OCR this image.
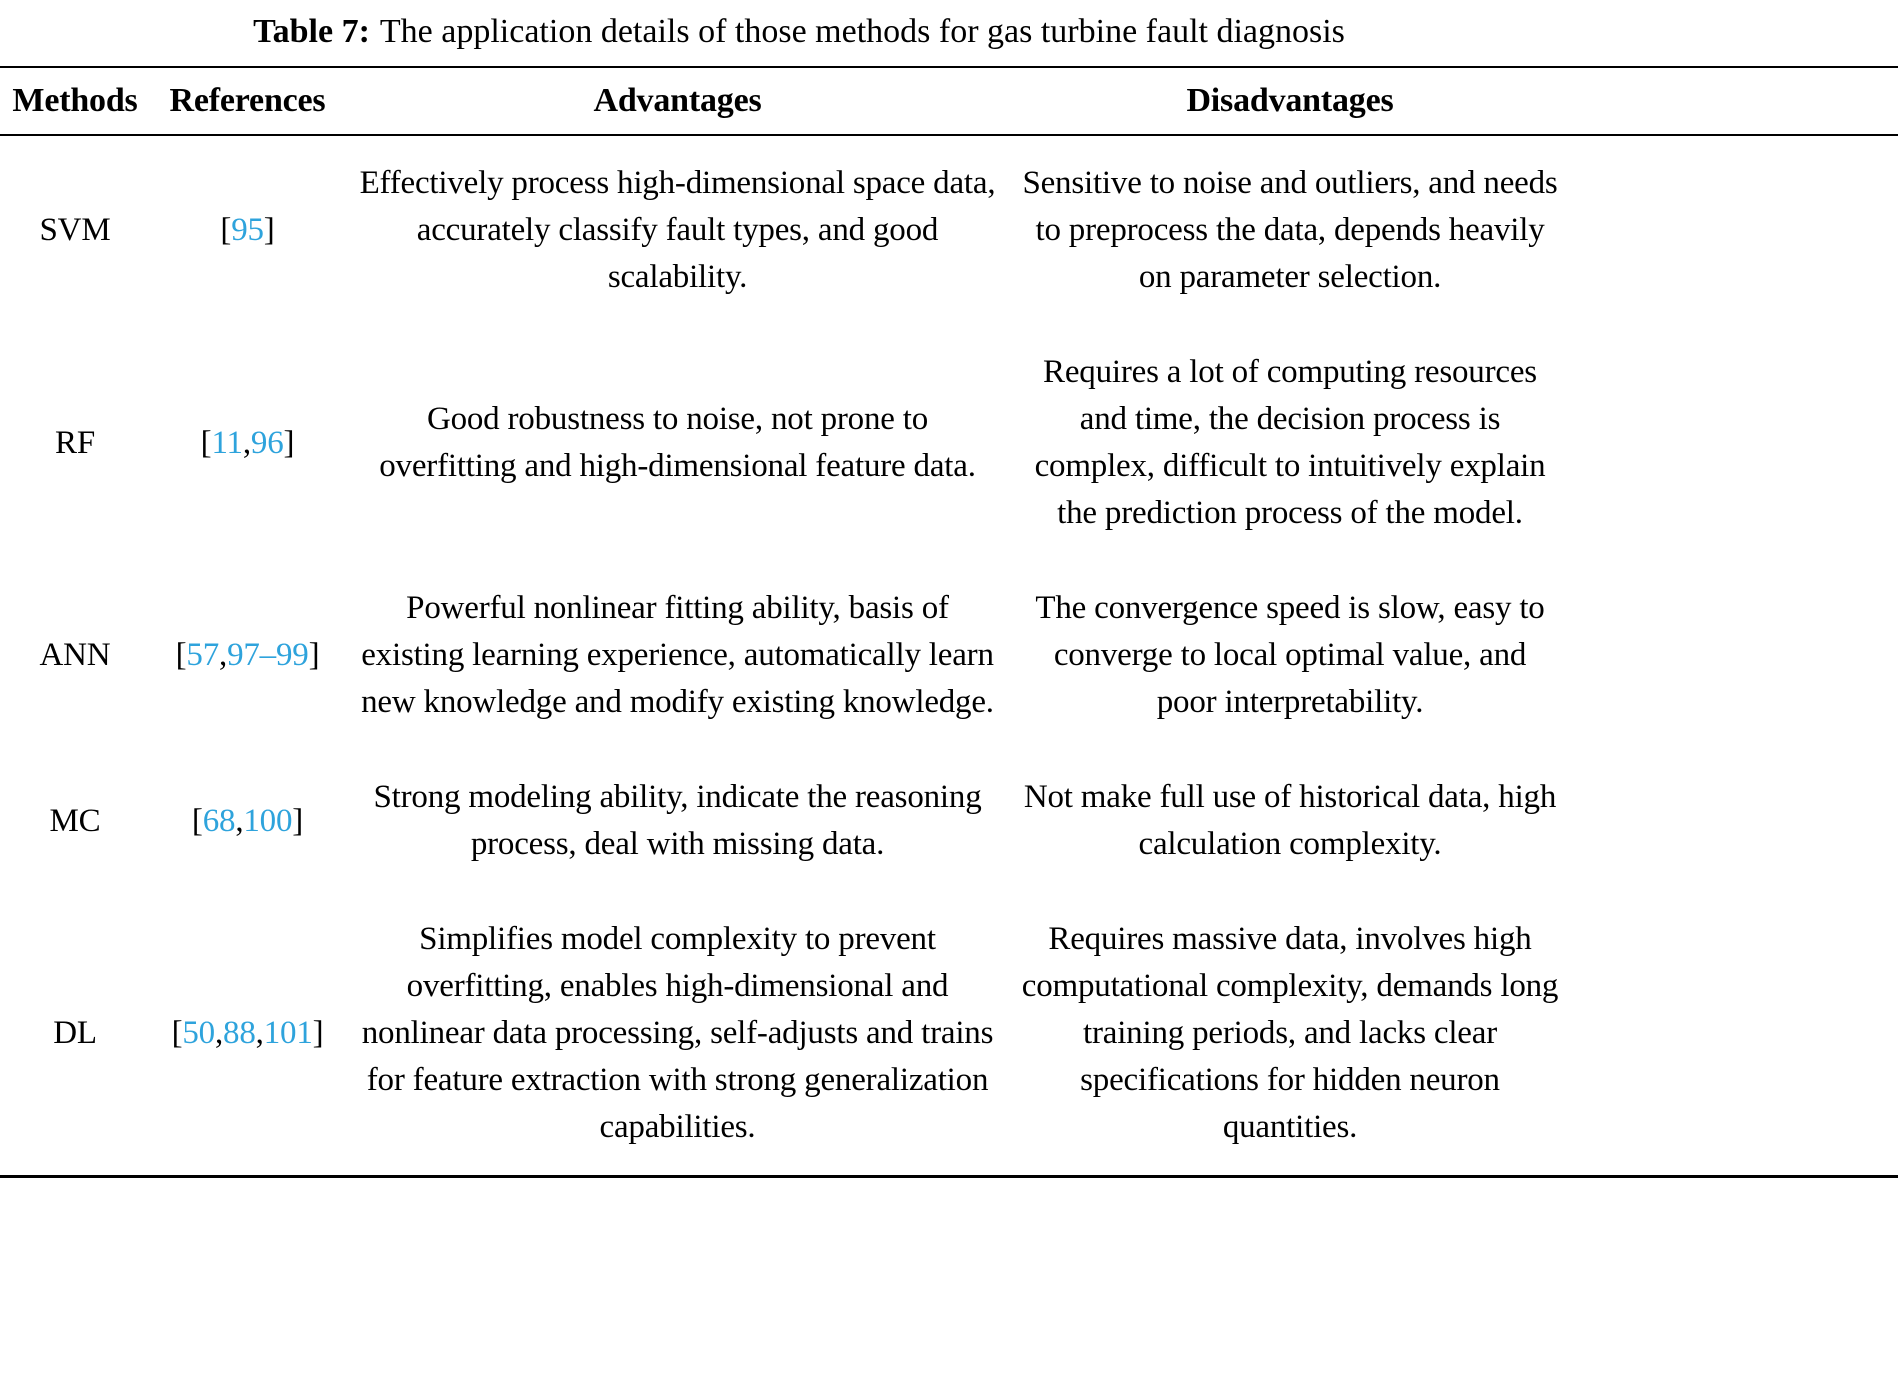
Table 7: The application details of those methods for gas turbine fault diagnosis
Methods	References	Advantages	Disadvantages	
SVM	[95]	Effectively process high-dimensional space data, accurately classify fault types, and good scalability.	Sensitive to noise and outliers, and needs to preprocess the data, depends heavily on parameter selection.	
RF	[11,96]	Good robustness to noise, not prone to overfitting and high-dimensional feature data.	Requires a lot of computing resources and time, the decision process is complex, difficult to intuitively explain the prediction process of the model.	
ANN	[57,97–99]	Powerful nonlinear fitting ability, basis of existing learning experience, automatically learn new knowledge and modify existing knowledge.	The convergence speed is slow, easy to converge to local optimal value, and poor interpretability.	
MC	[68,100]	Strong modeling ability, indicate the reasoning process, deal with missing data.	Not make full use of historical data, high calculation complexity.	
DL	[50,88,101]	Simplifies model complexity to prevent overfitting, enables high-dimensional and nonlinear data processing, self-adjusts and trains for feature extraction with strong generalization capabilities.	Requires massive data, involves high computational complexity, demands long training periods, and lacks clear specifications for hidden neuron quantities.	
